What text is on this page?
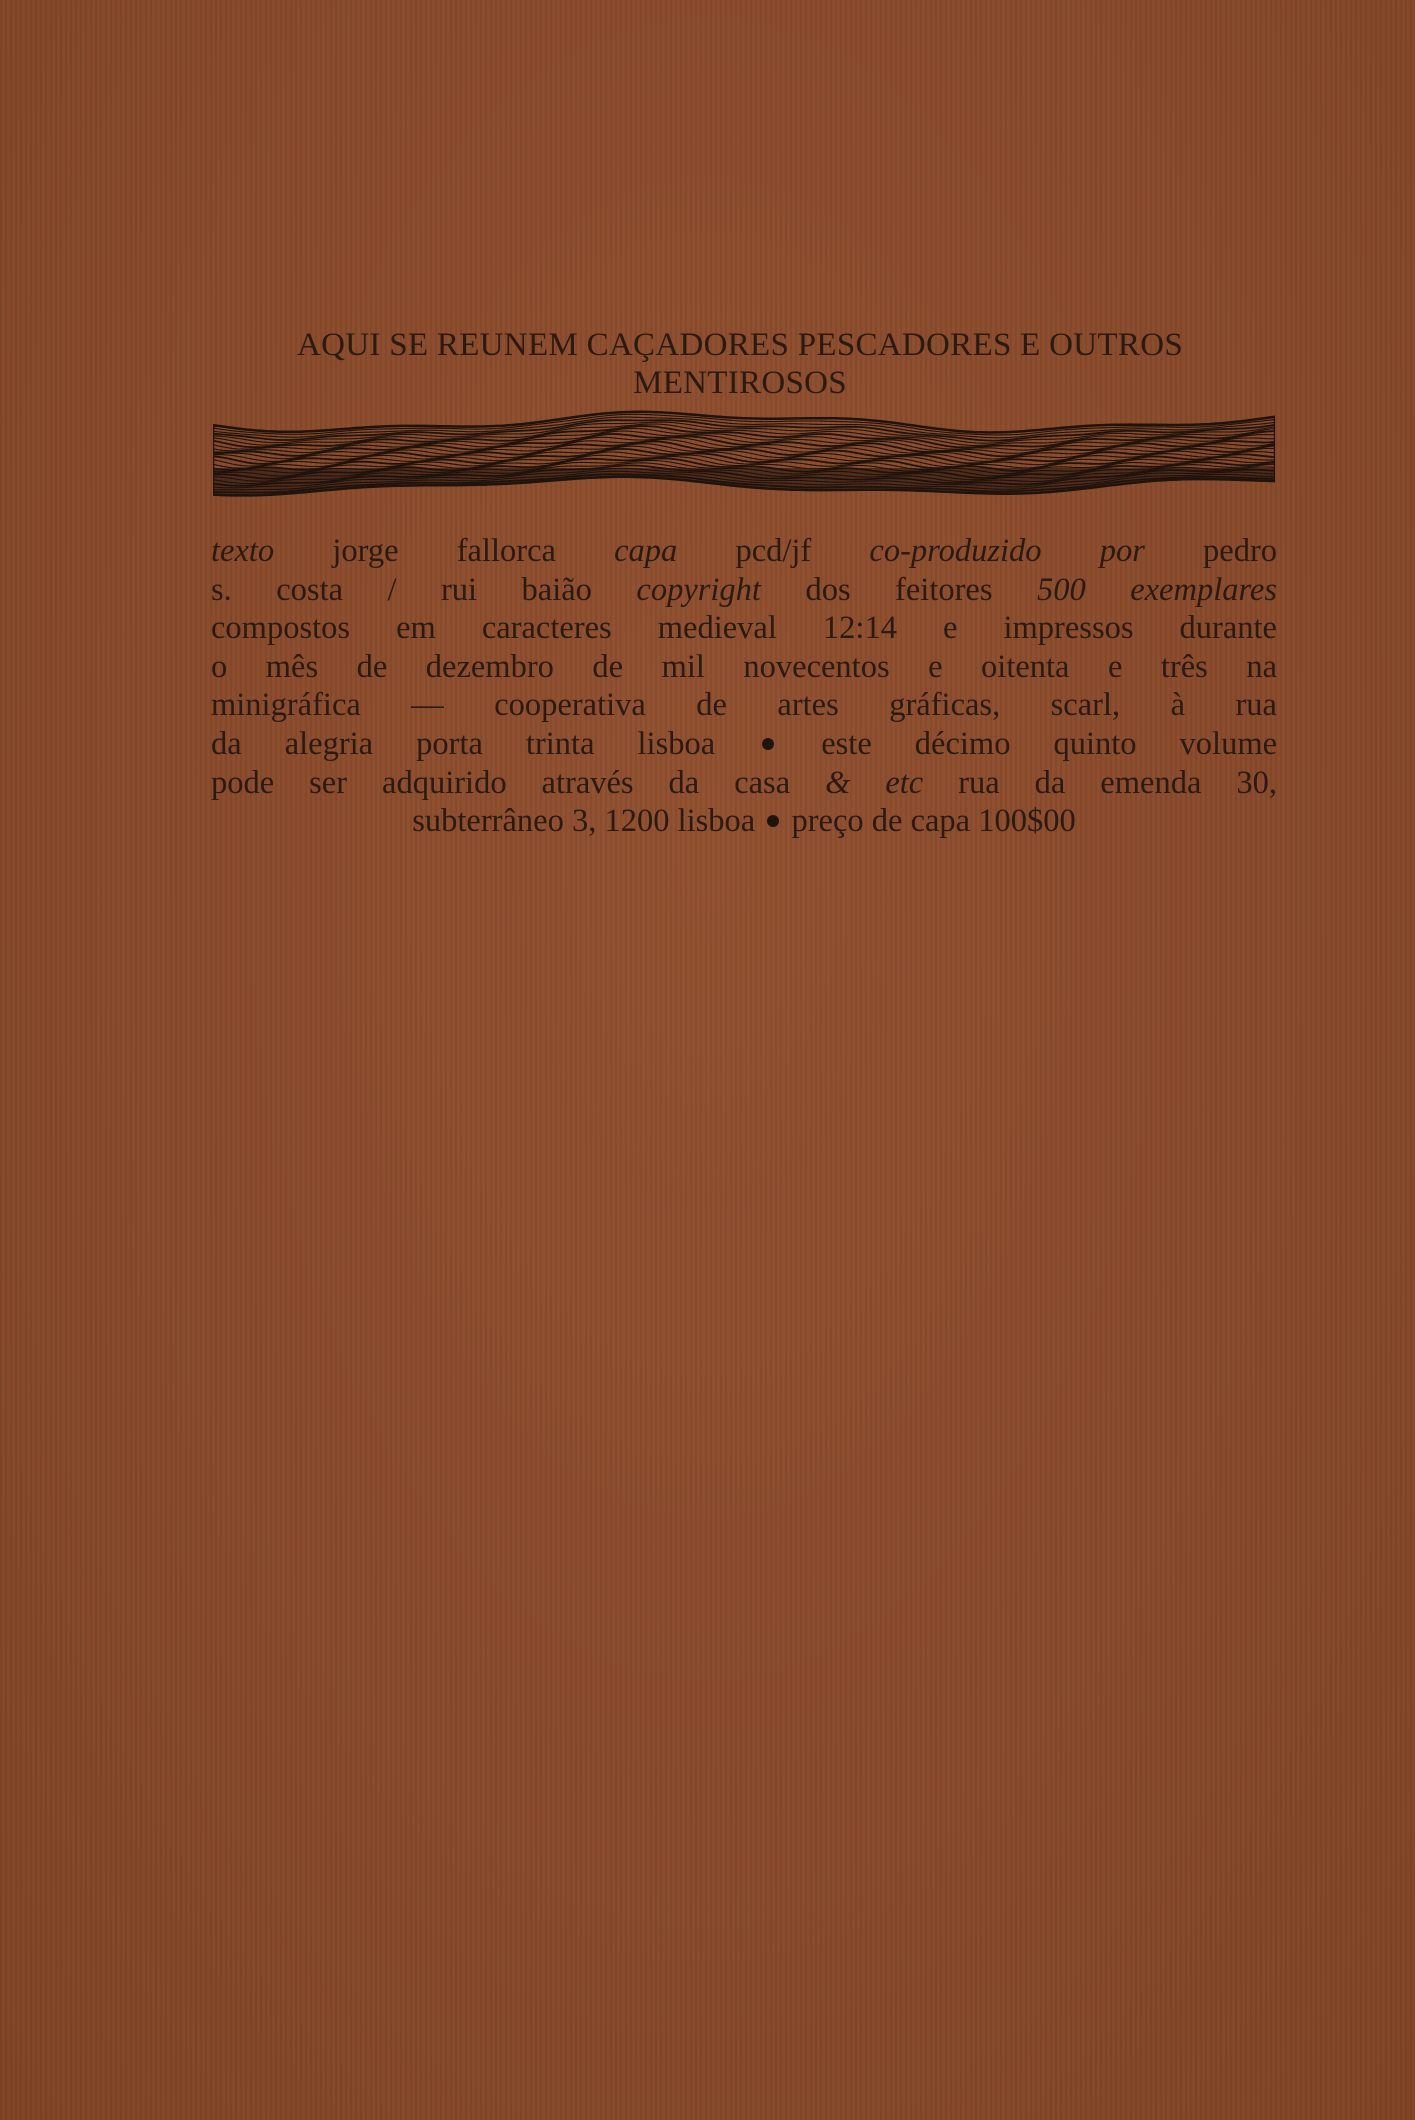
AQUI SE REUNEM CAÇADORES PESCADORES E OUTROS
MENTIROSOS
texto jorge fallorca capa pcd/jf co-produzido por pedro
s. costa / rui baião copyright dos feitores 500 exemplares
compostos em caracteres medieval 12:14 e impressos durante
o mês de dezembro de mil novecentos e oitenta e três na
minigráfica — cooperativa de artes gráficas, scarl, à rua
da alegria porta trinta lisboa	este décimo quinto volume
pode ser adquirido através da casa & etc rua da emenda 30,
subterrâneo 3, 1200 lisboa preço de capa 100$00
